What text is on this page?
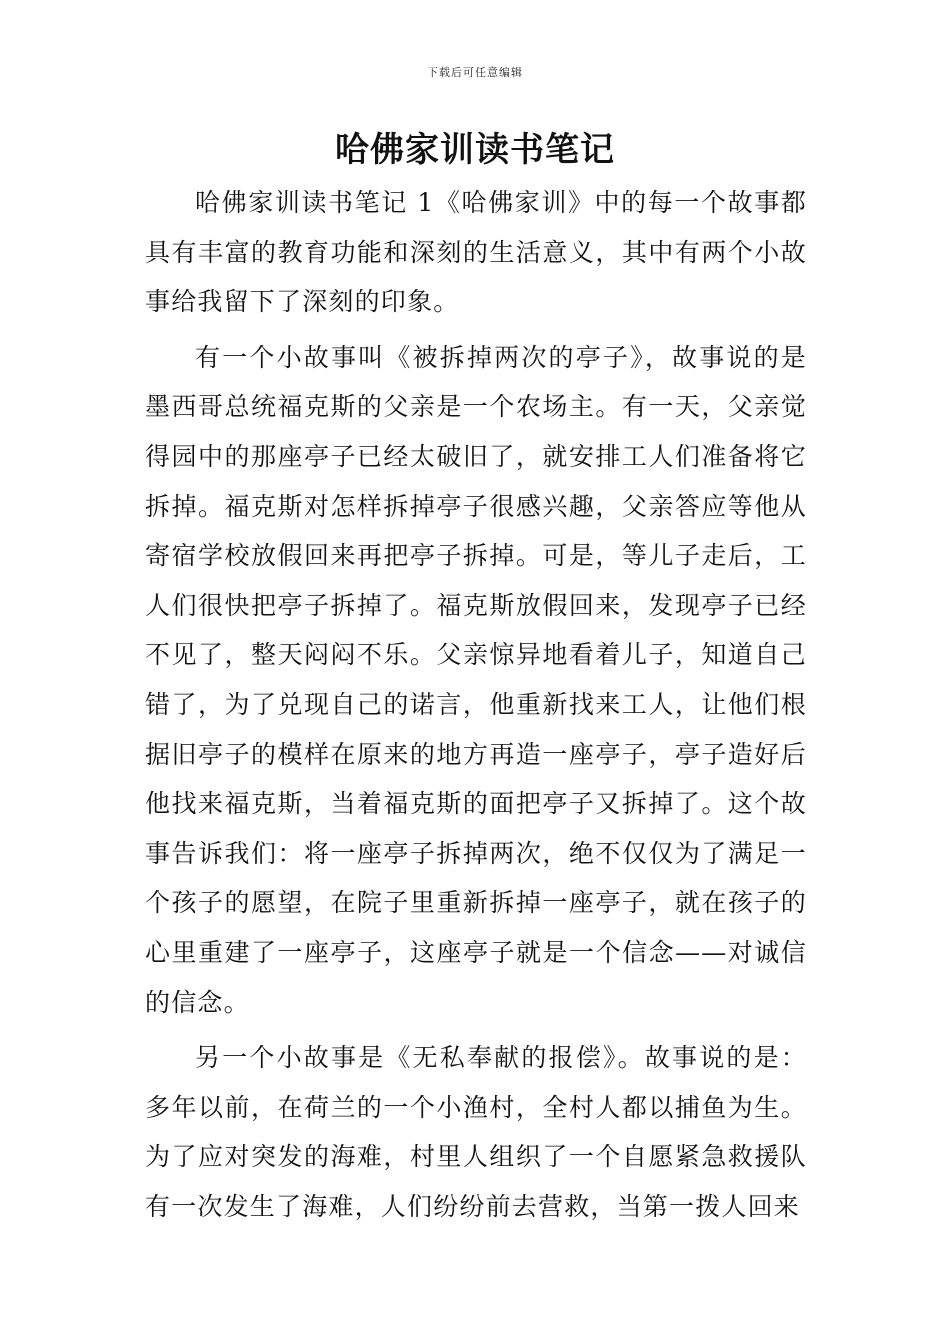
下载后可任意编辑
哈佛家训读书笔记

哈佛家训读书笔记 1《哈佛家训》中的每一个故事都具有丰富的教育功能和深刻的生活意义，其中有两个小故事给我留下了深刻的印象。

有一个小故事叫《被拆掉两次的亭子》，故事说的是墨西哥总统福克斯的父亲是一个农场主。有一天，父亲觉得园中的那座亭子已经太破旧了，就安排工人们准备将它拆掉。福克斯对怎样拆掉亭子很感兴趣，父亲答应等他从寄宿学校放假回来再把亭子拆掉。可是，等儿子走后，工人们很快把亭子拆掉了。福克斯放假回来，发现亭子已经不见了，整天闷闷不乐。父亲惊异地看着儿子，知道自己错了，为了兑现自己的诺言，他重新找来工人，让他们根据旧亭子的模样在原来的地方再造一座亭子，亭子造好后他找来福克斯，当着福克斯的面把亭子又拆掉了。这个故事告诉我们：将一座亭子拆掉两次，绝不仅仅为了满足一个孩子的愿望，在院子里重新拆掉一座亭子，就在孩子的心里重建了一座亭子，这座亭子就是一个信念——对诚信的信念。

另一个小故事是《无私奉献的报偿》。故事说的是：多年以前，在荷兰的一个小渔村，全村人都以捕鱼为生。为了应对突发的海难，村里人组织了一个自愿紧急救援队有一次发生了海难，人们纷纷前去营救，当第一拨人回来
